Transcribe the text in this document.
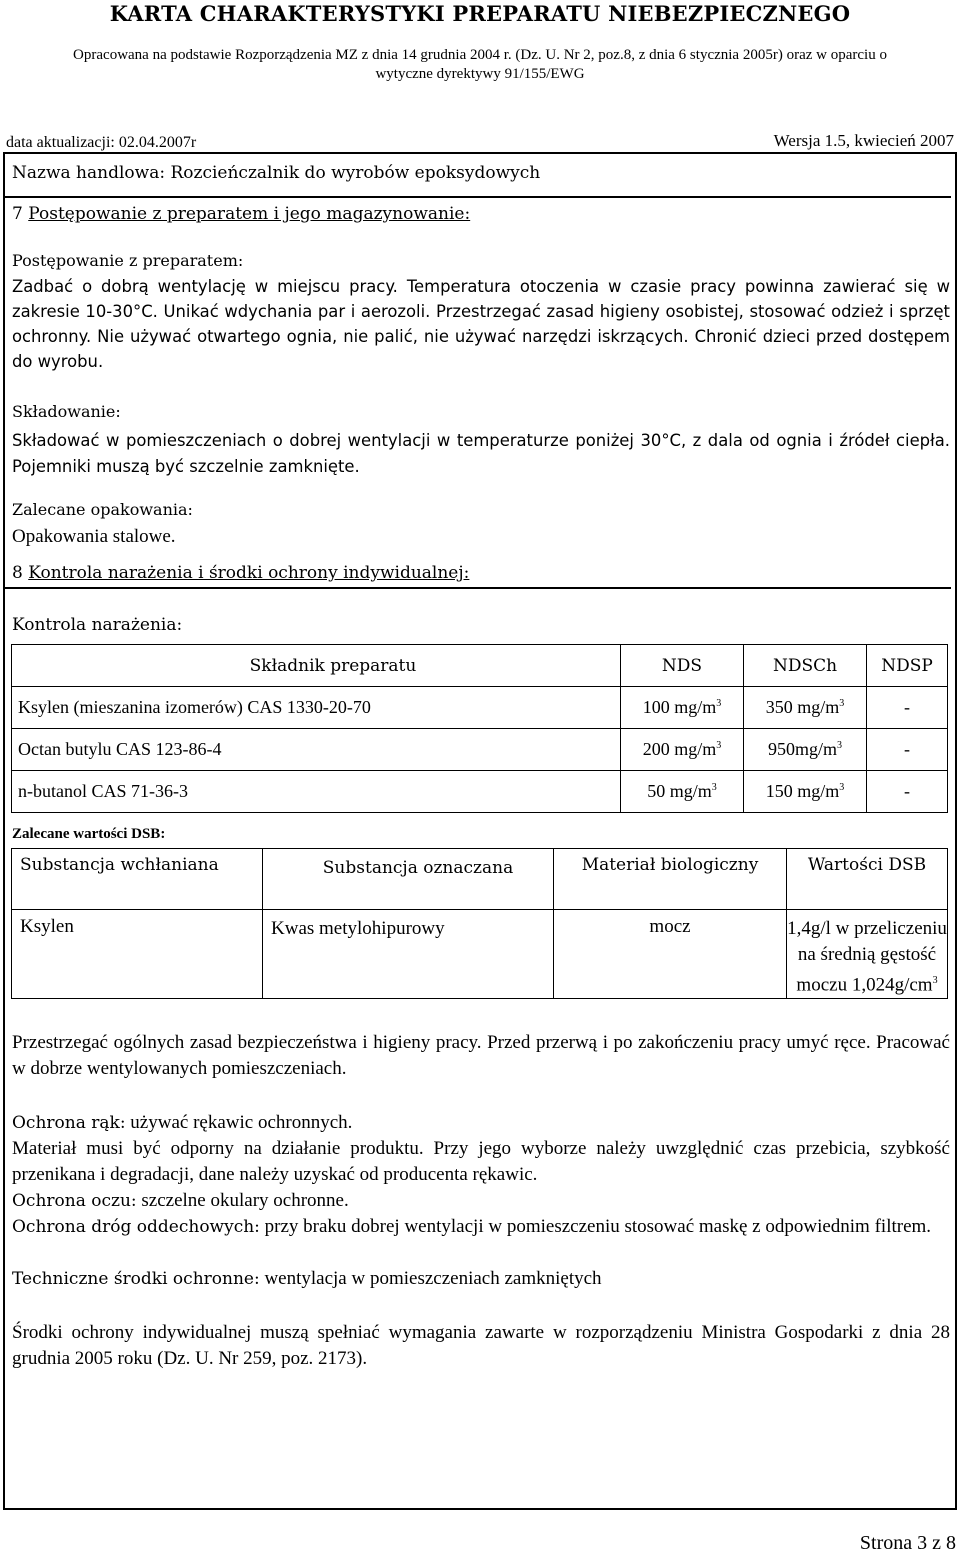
KARTA CHARAKTERYSTYKI PREPARATU NIEBEZPIECZNEGO
Opracowana na podstawie Rozporządzenia MZ z dnia 14 grudnia 2004 r. (Dz. U. Nr 2, poz.8, z dnia 6 stycznia 2005r) oraz w oparciu o
wytyczne dyrektywy 91/155/EWG
data aktualizacji: 02.04.2007r	Wersja 1.5, kwiecień 2007
Nazwa handlowa: Rozcieńczalnik do wyrobów epoksydowych
7 Postępowanie z preparatem i jego magazynowanie:
Postępowanie z preparatem:
Zadbać o dobrą wentylację w miejscu pracy. Temperatura otoczenia w czasie pracy powinna zawierać się w zakresie 10-30°C. Unikać wdychania par i aerozoli. Przestrzegać zasad higieny osobistej, stosować odzież i sprzęt ochronny. Nie używać otwartego ognia, nie palić, nie używać narzędzi iskrzących. Chronić dzieci przed dostępem do wyrobu.
Składowanie:
Składować w pomieszczeniach o dobrej wentylacji w temperaturze poniżej 30°C, z dala od ognia i źródeł ciepła. Pojemniki muszą być szczelnie zamknięte.
Zalecane opakowania:
Opakowania stalowe.
8 Kontrola narażenia i środki ochrony indywidualnej:
Kontrola narażenia:
Składnik preparatu	NDS	NDSCh	NDSP
Ksylen (mieszanina izomerów) CAS 1330-20-70	100 $mg/m^3$	350 $mg/m^3$	-
Octan butylu CAS 123-86-4	200 $mg/m^3$	$950mg/m^3$	-
n-butanol CAS 71-36-3	50 $mg/m^3$	150 $mg/m^3$	-
Zalecane wartości DSB:
Substancja wchłaniana	Substancja oznaczana	Materiał biologiczny	Wartości DSB
Ksylen	Kwas metylohipurowy	mocz	1,4g/l w przeliczeniu na średnią gęstość moczu $1,024g/cm^3$
Przestrzegać ogólnych zasad bezpieczeństwa i higieny pracy. Przed przerwą i po zakończeniu pracy umyć ręce. Pracować w dobrze wentylowanych pomieszczeniach.
Ochrona rąk: używać rękawic ochronnych.
Materiał musi być odporny na działanie produktu. Przy jego wyborze należy uwzględnić czas przebicia, szybkość przenikana i degradacji, dane należy uzyskać od producenta rękawic.
Ochrona oczu: szczelne okulary ochronne.
Ochrona dróg oddechowych: przy braku dobrej wentylacji w pomieszczeniu stosować maskę z odpowiednim filtrem.
Techniczne środki ochronne: wentylacja w pomieszczeniach zamkniętych
Środki ochrony indywidualnej muszą spełniać wymagania zawarte w rozporządzeniu Ministra Gospodarki z dnia 28 grudnia 2005 roku (Dz. U. Nr 259, poz. 2173).
Strona 3 z 8
